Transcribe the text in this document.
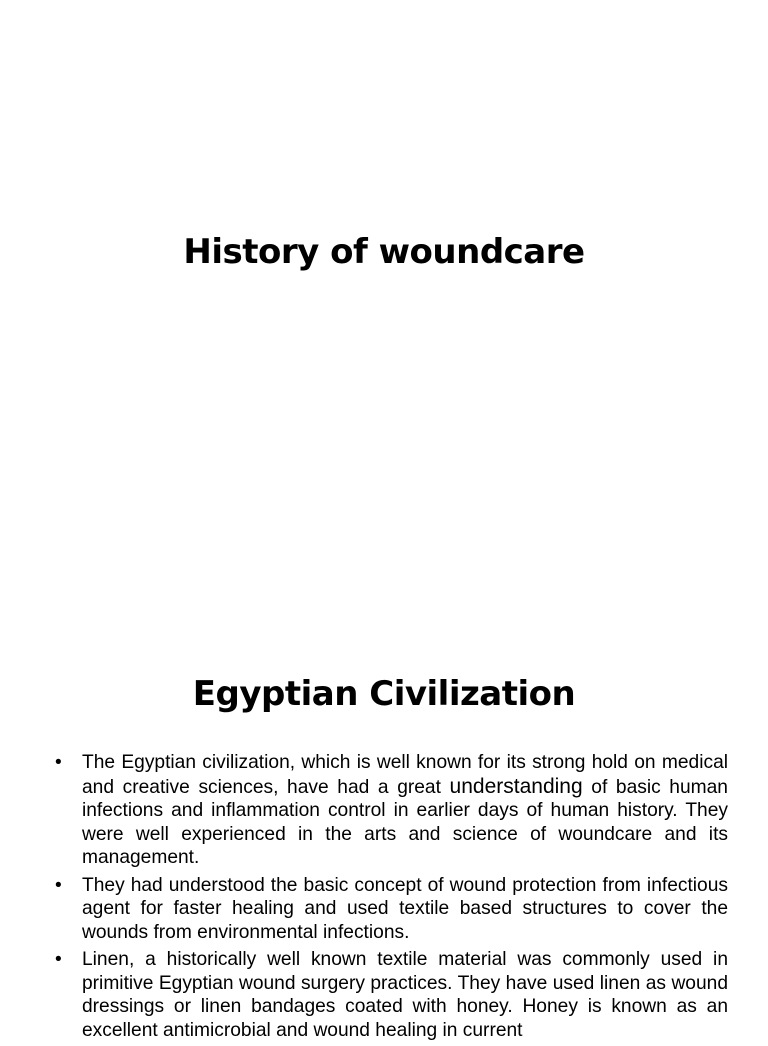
History of woundcare
Egyptian Civilization
• The Egyptian civilization, which is well known for its strong hold on medical and creative sciences, have had a great understanding of basic human infections and inflammation control in earlier days of human history. They were well experienced in the arts and science of woundcare and its management.
• They had understood the basic concept of wound protection from infectious agent for faster healing and used textile based structures to cover the wounds from environmental infections.
• Linen, a historically well known textile material was commonly used in primitive Egyptian wound surgery practices. They have used linen as wound dressings or linen bandages coated with honey. Honey is known as an excellent antimicrobial and wound healing in current
